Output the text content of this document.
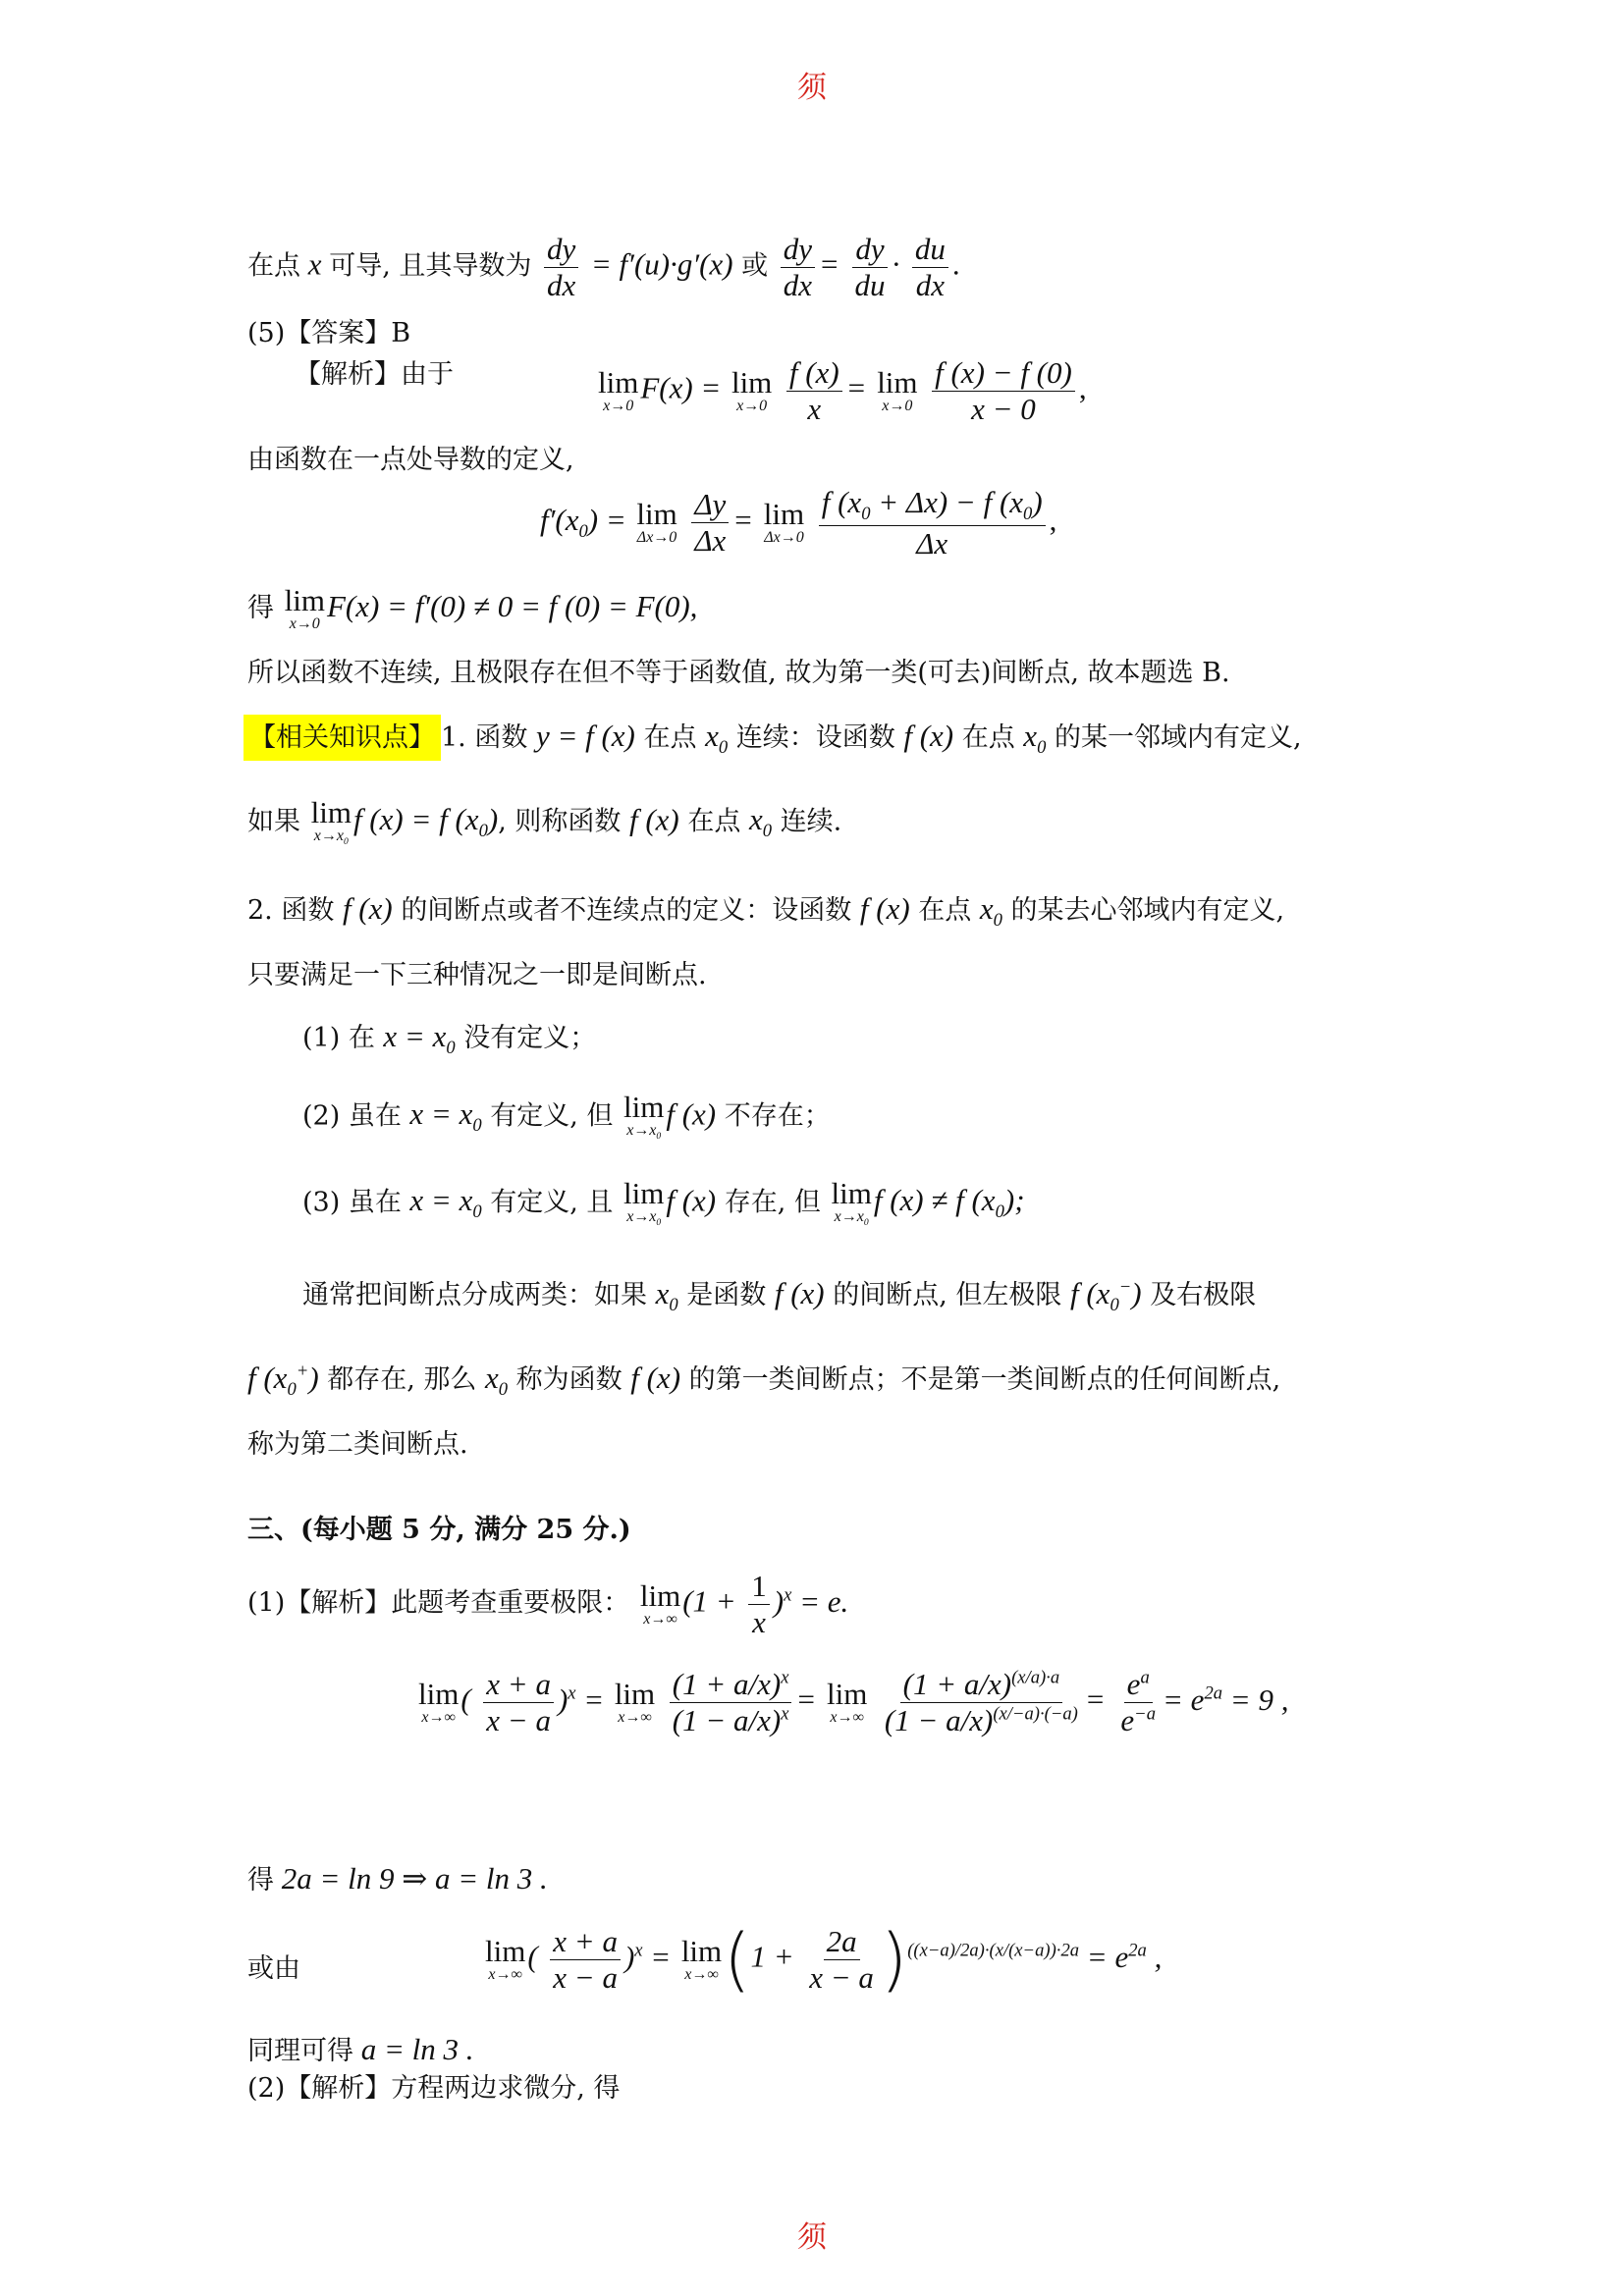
须
在点 x 可导, 且其导数为 $\frac{dy}{dx} = f'(u)\cdot g'(x)$ 或 $\frac{dy}{dx} = \frac{dy}{du} \cdot \frac{du}{dx}$ .
(5)【答案】B
【解析】由于	lim
x→0
F(x) = lim
x→0
$\frac{f (x)}{x} = \lim$
x→0
$\frac{f (x) - f (0)}{x - 0}$ ,
由函数在一点处导数的定义,
$f'(x_0) = \lim$
Δx→0
$\frac{\Delta y}{\Delta x} = \lim$
Δx→0
$\frac{f (x_0 + \Delta x) - f (x_0)}{\Delta x}$ ,
得 lim
x→0
F(x) = f′(0) ≠ 0 = f (0) = F(0),
所以函数不连续, 且极限存在但不等于函数值, 故为第一类(可去)间断点, 故本题选 B.
【相关知识点】 1. 函数 y = f (x) 在点 $x_0$ 连续：设函数 f (x) 在点 $x_0$ 的某一邻域内有定义,
如果 lim
$x\to x_0$
f (x) = f $(x_0)$, 则称函数 f (x) 在点 $x_0$ 连续.
2. 函数 f (x) 的间断点或者不连续点的定义：设函数 f (x) 在点 $x_0$ 的某去心邻域内有定义,
只要满足一下三种情况之一即是间断点.
(1) 在 $x = x_0$ 没有定义；
(2) 虽在 $x = x_0$ 有定义, 但 lim
$x\to x_0$
f (x) 不存在；
(3) 虽在 $x = x_0$ 有定义, 且 lim
$x\to x_0$
f (x) 存在, 但 lim
$x\to x_0$
f (x) ≠ f $(x_0)$;
通常把间断点分成两类：如果 $x_0$ 是函数 f (x) 的间断点, 但左极限 f $(x_0^-)$ 及右极限
f $(x_0^+)$ 都存在, 那么 $x_0$ 称为函数 f (x) 的第一类间断点；不是第一类间断点的任何间断点,
称为第二类间断点.
三、(每小题 5 分, 满分 25 分.)
(1)【解析】此题考查重要极限： lim
x→∞
$(1 + \frac{1}{x} )^x = e$.
lim
x→∞
( $\frac{x + a}{x - a} )^x = \lim$
x→∞
$\frac{(1 + a/x)^x}{(1 - a/x)^x} = \lim$
x→∞
$\frac{(1 + a/x)^{(x/a)\cdot a}}{(1 - a/x)^{(x/-a)\cdot(-a)}} = \frac{e^a}{e^{-a}} = e^{2a} = 9$ ,
得 2a = ln 9 ⇒ a = ln 3 .
或由
lim
x→∞
( $\frac{x + a}{x - a} )^x = \lim$
x→∞ $(1 + \frac{2a}{x - a} )^{((x-a)/2a)\cdot(x/(x-a))\cdot 2a} = e^{2a}$ ,
同理可得 a = ln 3 .
(2)【解析】方程两边求微分, 得
须
